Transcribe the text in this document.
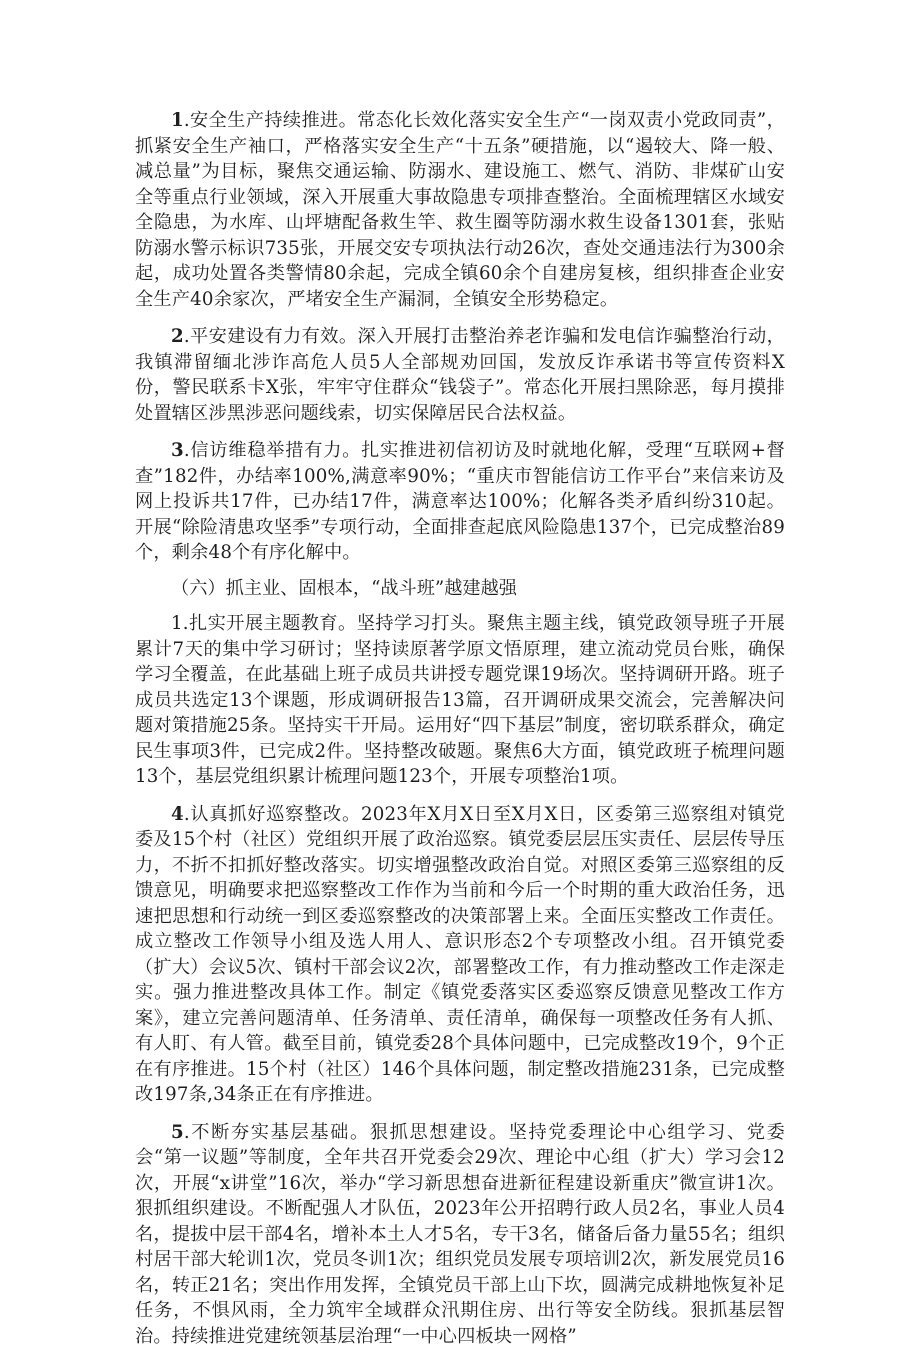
1.安全生产持续推进。常态化长效化落实安全生产“一岗双责小党政同责”，抓紧安全生产袖口，严格落实安全生产“十五条”硬措施，以“遏较大、降一般、减总量”为目标，聚焦交通运输、防溺水、建设施工、燃气、消防、非煤矿山安全等重点行业领域，深入开展重大事故隐患专项排查整治。全面梳理辖区水域安全隐患，为水库、山坪塘配备救生竿、救生圈等防溺水救生设备1301套，张贴防溺水警示标识735张，开展交安专项执法行动26次，查处交通违法行为300余起，成功处置各类警情80余起，完成全镇60余个自建房复核，组织排查企业安全生产40余家次，严堵安全生产漏洞，全镇安全形势稳定。

2.平安建设有力有效。深入开展打击整治养老诈骗和发电信诈骗整治行动，我镇滞留缅北涉诈高危人员5人全部规劝回国，发放反诈承诺书等宣传资料X份，警民联系卡X张，牢牢守住群众“钱袋子”。常态化开展扫黑除恶，每月摸排处置辖区涉黑涉恶问题线索，切实保障居民合法权益。

3.信访维稳举措有力。扎实推进初信初访及时就地化解，受理“互联网+督查”182件，办结率100%,满意率90%；“重庆市智能信访工作平台”来信来访及网上投诉共17件，已办结17件，满意率达100%；化解各类矛盾纠纷310起。开展“除险清患攻坚季”专项行动，全面排查起底风险隐患137个，已完成整治89个，剩余48个有序化解中。

（六）抓主业、固根本，“战斗班”越建越强

1.扎实开展主题教育。坚持学习打头。聚焦主题主线，镇党政领导班子开展累计7天的集中学习研讨；坚持读原著学原文悟原理，建立流动党员台账，确保学习全覆盖，在此基础上班子成员共讲授专题党课19场次。坚持调研开路。班子成员共选定13个课题，形成调研报告13篇，召开调研成果交流会，完善解决问题对策措施25条。坚持实干开局。运用好“四下基层”制度，密切联系群众，确定民生事项3件，已完成2件。坚持整改破题。聚焦6大方面，镇党政班子梳理问题13个，基层党组织累计梳理问题123个，开展专项整治1项。

4.认真抓好巡察整改。2023年X月X日至X月X日，区委第三巡察组对镇党委及15个村（社区）党组织开展了政治巡察。镇党委层层压实责任、层层传导压力，不折不扣抓好整改落实。切实增强整改政治自觉。对照区委第三巡察组的反馈意见，明确要求把巡察整改工作作为当前和今后一个时期的重大政治任务，迅速把思想和行动统一到区委巡察整改的决策部署上来。全面压实整改工作责任。成立整改工作领导小组及选人用人、意识形态2个专项整改小组。召开镇党委（扩大）会议5次、镇村干部会议2次，部署整改工作，有力推动整改工作走深走实。强力推进整改具体工作。制定《镇党委落实区委巡察反馈意见整改工作方案》，建立完善问题清单、任务清单、责任清单，确保每一项整改任务有人抓、有人盯、有人管。截至目前，镇党委28个具体问题中，已完成整改19个，9个正在有序推进。15个村（社区）146个具体问题，制定整改措施231条，已完成整改197条,34条正在有序推进。

5.不断夯实基层基础。狠抓思想建设。坚持党委理论中心组学习、党委会“第一议题”等制度，全年共召开党委会29次、理论中心组（扩大）学习会12次，开展“x讲堂”16次，举办“学习新思想奋进新征程建设新重庆”微宣讲1次。狠抓组织建设。不断配强人才队伍，2023年公开招聘行政人员2名，事业人员4名，提拔中层干部4名，增补本土人才5名，专干3名，储备后备力量55名；组织村居干部大轮训1次，党员冬训1次；组织党员发展专项培训2次，新发展党员16名，转正21名；突出作用发挥，全镇党员干部上山下坎，圆满完成耕地恢复补足任务，不惧风雨，全力筑牢全域群众汛期住房、出行等安全防线。狠抓基层智治。持续推进党建统领基层治理“一中心四板块一网格”
